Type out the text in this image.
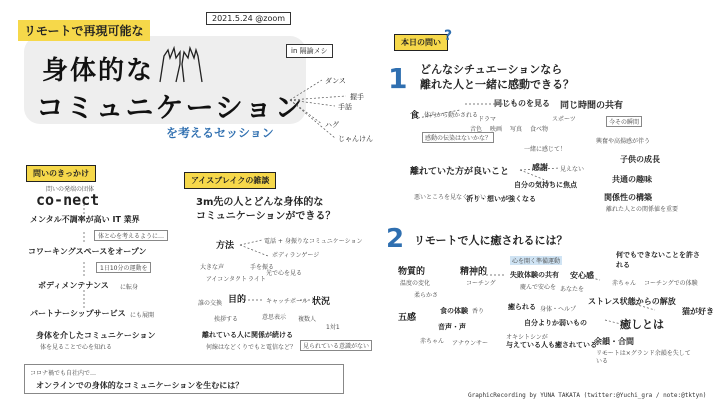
リモートで再現可能な
2021.5.24 @zoom
in 隔論メシ
身体的な
コミュニケーション
を考えるセッション
ダンス
握手
手話
ハグ
じゃんけん
問いのきっかけ
問いの発端の団体
co-nect
メンタル不調率が高い IT 業界
体と心を考えるように…
コワーキングスペースをオープン
1日10分の運動を
ボディメンテナンス に転身
パートナーシップサービス にも展開
身体を介したコミュニケーション
体を見ることで心を知れる
コロナ禍でも自社内で…
オンラインでの身体的なコミュニケーションを生むには？
アイスブレイクの雑談
3m先の人とどんな身体的な
コミュニケーションができる？
方法	電話 + 身振りなコミュニケーション
ボディランゲージ
大きな声	手を振る
アイコンタクト ライト
光で心を見る
目的	キャッチボール 状況
誰の交換
挨拶する	意思表示 複数人
1対1
離れている人に関係が続ける
何線はなどくりでもと電信など？	見られている意識がない
本日の問い ?
1 どんなシチュエーションなら
離れた人と一緒に感動できる？
食 体内から動かされる
同じものを見る 同じ時間の共有
ドラマ	スポーツ
音色 映画 写真 食べ物
感動の伝染はないかな？
一緒に感じて！
今その瞬間
興奮や高揚感が伴う
子供の成長
共通の趣味
関係性の構築
離れた人との関係値を重要
離れていた方が良いこと	感謝 見えない
自分の気持ちに焦点
悪いところを見なくていい
祈り・想いが強くなる
2 リモートで人に癒されるには？
物質的
温度の変化
柔らかさ
精神的
コーチング
心を開く準備運動
失敗体験の共有 安心感
慶んで安心を あなたを
ストレス状態からの解放
何でもできないことを許される
赤ちゃん コーチングでの体験
猫が好き
五感
食の体験
音声・声
香り
赤ちゃん アナウンサー
癒られる 身体・ヘルプ
自分よりか弱いもの
オキシトシンが
与えている人も癒されている
癒しとは
余韻・合間
リモートは×グランド余韻を失している
GraphicRecording by YUNA TAKATA (twitter:@Yuchi_gra / note:@tktyn)
